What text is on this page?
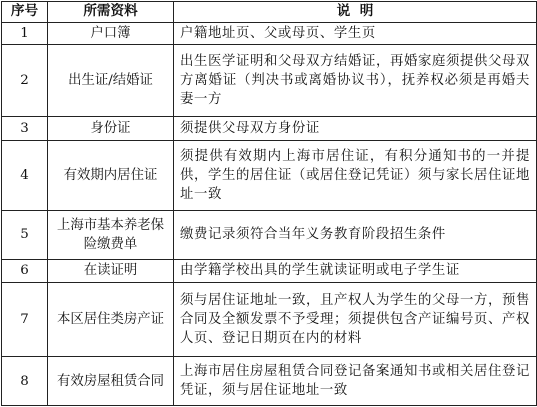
序号	所需资料	说  明
1	户口簿	户籍地址页、父或母页、学生页
2	出生证/结婚证	出生医学证明和父母双方结婚证，再婚家庭须提供父母双方离婚证（判决书或离婚协议书），抚养权必须是再婚夫妻一方
3	身份证	须提供父母双方身份证
4	有效期内居住证	须提供有效期内上海市居住证，有积分通知书的一并提供，学生的居住证（或居住登记凭证）须与家长居住证地址一致
5	上海市基本养老保险缴费单	缴费记录须符合当年义务教育阶段招生条件
6	在读证明	由学籍学校出具的学生就读证明或电子学生证
7	本区居住类房产证	须与居住证地址一致，且产权人为学生的父母一方，预售合同及全额发票不予受理；须提供包含产证编号页、产权人页、登记日期页在内的材料
8	有效房屋租赁合同	上海市居住房屋租赁合同登记备案通知书或相关居住登记凭证，须与居住证地址一致
